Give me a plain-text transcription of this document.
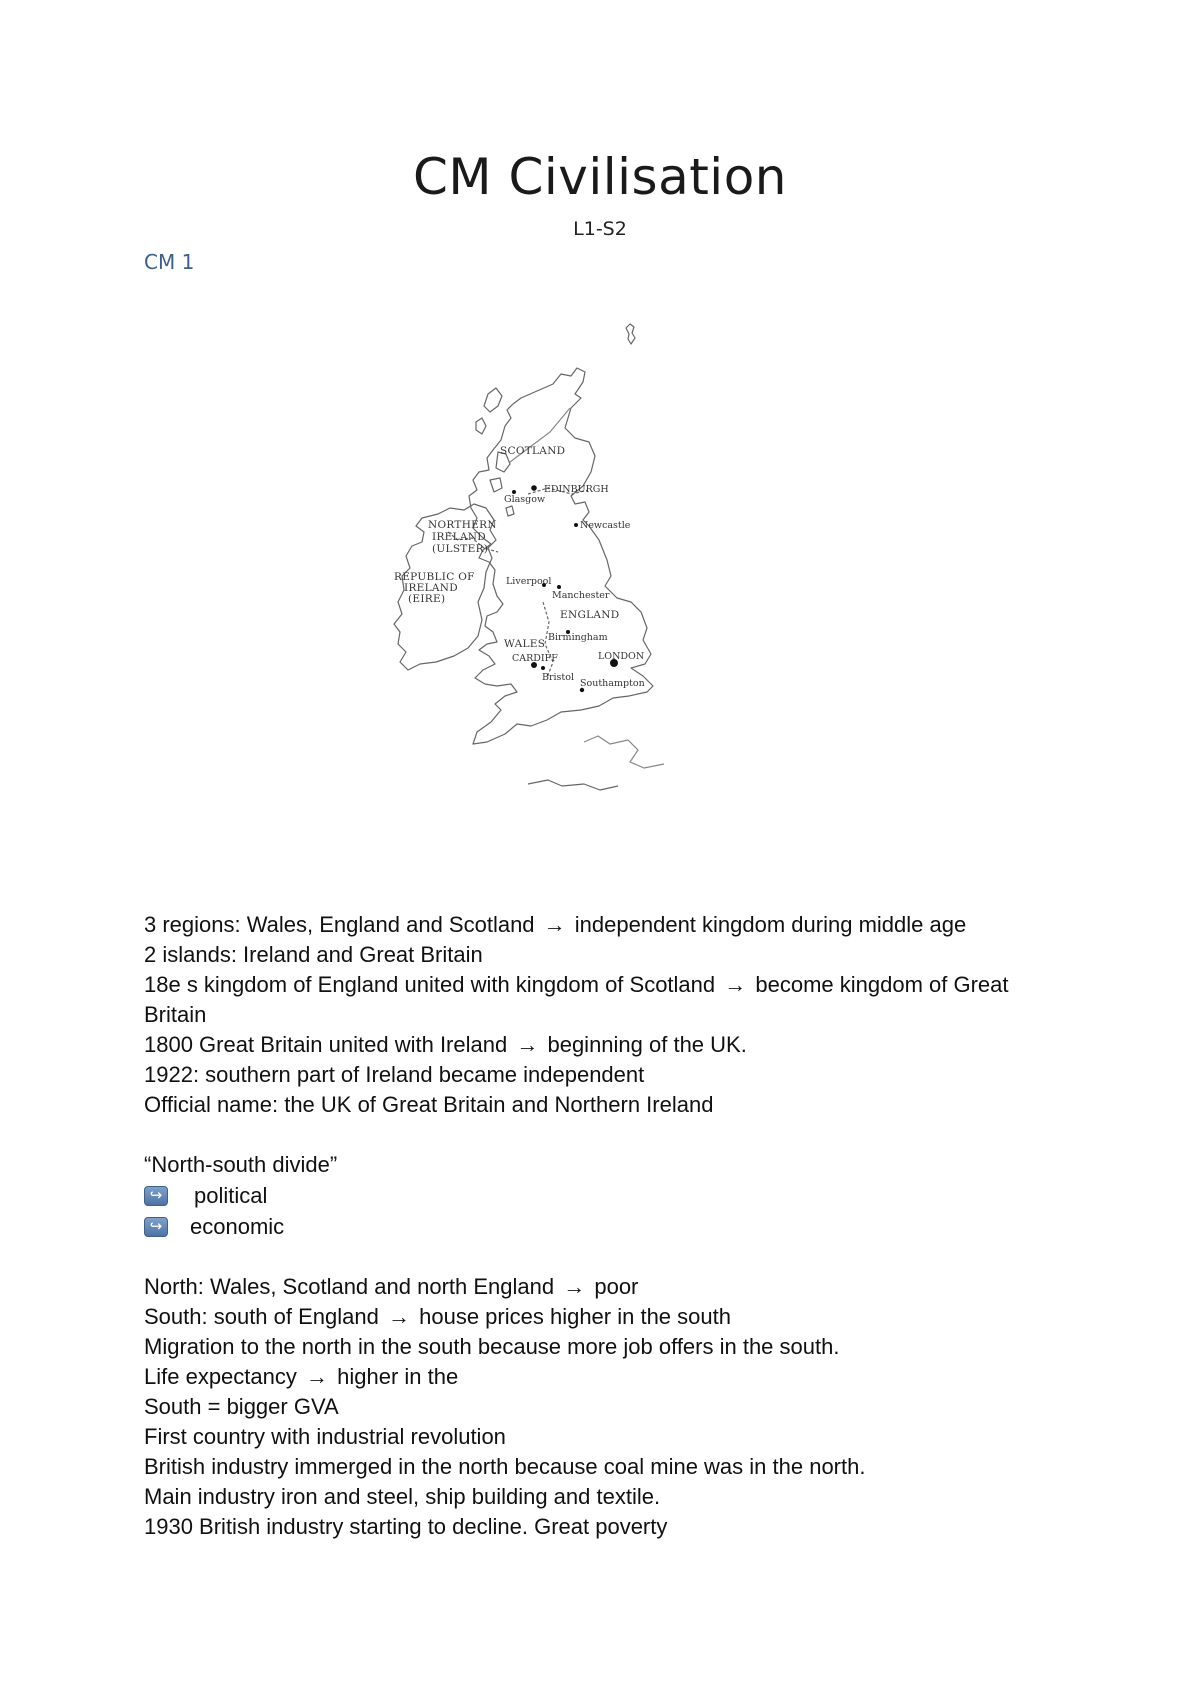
CM Civilisation
L1-S2
CM 1
SCOTLAND
EDINBURGH
Glasgow
Newcastle
NORTHERN
IRELAND
(ULSTER)
REPUBLIC OF
IRELAND
(EIRE)
Liverpool
Manchester
ENGLAND
Birmingham
WALES
CARDIFF	LONDON
Bristol
Southampton
3 regions: Wales, England and Scotland → independent kingdom during middle age
2 islands: Ireland and Great Britain
18e s kingdom of England united with kingdom of Scotland → become kingdom of Great Britain
1800 Great Britain united with Ireland → beginning of the UK.
1922: southern part of Ireland became independent
Official name: the UK of Great Britain and Northern Ireland
“North-south divide”
↪ political
↪ economic
North: Wales, Scotland and north England → poor
South: south of England → house prices higher in the south
Migration to the north in the south because more job offers in the south.
Life expectancy → higher in the
South = bigger GVA
First country with industrial revolution
British industry immerged in the north because coal mine was in the north.
Main industry iron and steel, ship building and textile.
1930 British industry starting to decline. Great poverty
